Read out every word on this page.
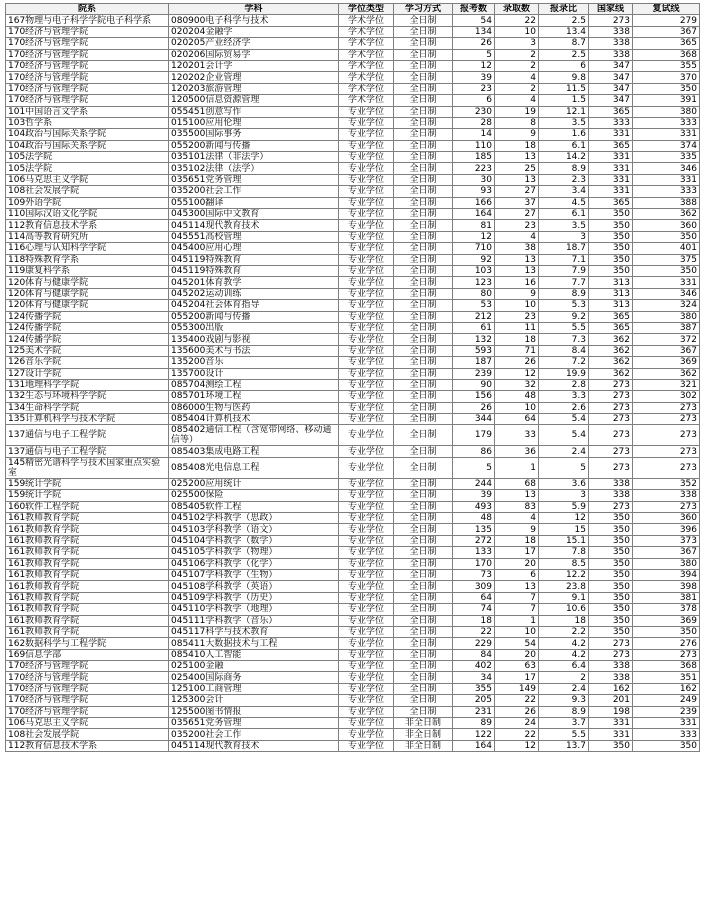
院系	学科	学位类型	学习方式	报考数	录取数	报录比	国家线	复试线
167物理与电子科学学院电子科学系	080900电子科学与技术	学术学位	全日制	54	22	2.5	273	279
170经济与管理学院	020204金融学	学术学位	全日制	134	10	13.4	338	367
170经济与管理学院	020205产业经济学	学术学位	全日制	26	3	8.7	338	365
170经济与管理学院	020206国际贸易学	学术学位	全日制	5	2	2.5	338	368
170经济与管理学院	120201会计学	学术学位	全日制	12	2	6	347	355
170经济与管理学院	120202企业管理	学术学位	全日制	39	4	9.8	347	370
170经济与管理学院	120203旅游管理	学术学位	全日制	23	2	11.5	347	350
170经济与管理学院	120500信息资源管理	学术学位	全日制	6	4	1.5	347	391
101中国语言文学系	055451创意写作	专业学位	全日制	230	19	12.1	365	380
103哲学系	015100应用伦理	专业学位	全日制	28	8	3.5	333	333
104政治与国际关系学院	035500国际事务	专业学位	全日制	14	9	1.6	331	331
104政治与国际关系学院	055200新闻与传播	专业学位	全日制	110	18	6.1	365	374
105法学院	035101法律（非法学）	专业学位	全日制	185	13	14.2	331	335
105法学院	035102法律（法学）	专业学位	全日制	223	25	8.9	331	346
106马克思主义学院	035651党务管理	专业学位	全日制	30	13	2.3	331	331
108社会发展学院	035200社会工作	专业学位	全日制	93	27	3.4	331	333
109外语学院	055100翻译	专业学位	全日制	166	37	4.5	365	388
110国际汉语文化学院	045300国际中文教育	专业学位	全日制	164	27	6.1	350	362
112教育信息技术学系	045114现代教育技术	专业学位	全日制	81	23	3.5	350	360
114高等教育研究所	045551高校管理	专业学位	全日制	12	4	3	350	350
116心理与认知科学学院	045400应用心理	专业学位	全日制	710	38	18.7	350	401
118特殊教育学系	045119特殊教育	专业学位	全日制	92	13	7.1	350	375
119康复科学系	045119特殊教育	专业学位	全日制	103	13	7.9	350	350
120体育与健康学院	045201体育教学	专业学位	全日制	123	16	7.7	313	331
120体育与健康学院	045202运动训练	专业学位	全日制	80	9	8.9	313	346
120体育与健康学院	045204社会体育指导	专业学位	全日制	53	10	5.3	313	324
124传播学院	055200新闻与传播	专业学位	全日制	212	23	9.2	365	380
124传播学院	055300出版	专业学位	全日制	61	11	5.5	365	387
124传播学院	135400戏剧与影视	专业学位	全日制	132	18	7.3	362	372
125美术学院	135600美术与书法	专业学位	全日制	593	71	8.4	362	367
126音乐学院	135200音乐	专业学位	全日制	187	26	7.2	362	369
127设计学院	135700设计	专业学位	全日制	239	12	19.9	362	362
131地理科学学院	085704测绘工程	专业学位	全日制	90	32	2.8	273	321
132生态与环境科学学院	085701环境工程	专业学位	全日制	156	48	3.3	273	302
134生命科学学院	086000生物与医药	专业学位	全日制	26	10	2.6	273	273
135计算机科学与技术学院	085404计算机技术	专业学位	全日制	344	64	5.4	273	273
137通信与电子工程学院	085402通信工程（含宽带网络、移动通信等）	专业学位	全日制	179	33	5.4	273	273
137通信与电子工程学院	085403集成电路工程	专业学位	全日制	86	36	2.4	273	273
145精密光谱科学与技术国家重点实验室	085408光电信息工程	专业学位	全日制	5	1	5	273	273
159统计学院	025200应用统计	专业学位	全日制	244	68	3.6	338	352
159统计学院	025500保险	专业学位	全日制	39	13	3	338	338
160软件工程学院	085405软件工程	专业学位	全日制	493	83	5.9	273	273
161教师教育学院	045102学科教学（思政）	专业学位	全日制	48	4	12	350	360
161教师教育学院	045103学科教学（语文）	专业学位	全日制	135	9	15	350	396
161教师教育学院	045104学科教学（数学）	专业学位	全日制	272	18	15.1	350	373
161教师教育学院	045105学科教学（物理）	专业学位	全日制	133	17	7.8	350	367
161教师教育学院	045106学科教学（化学）	专业学位	全日制	170	20	8.5	350	380
161教师教育学院	045107学科教学（生物）	专业学位	全日制	73	6	12.2	350	394
161教师教育学院	045108学科教学（英语）	专业学位	全日制	309	13	23.8	350	398
161教师教育学院	045109学科教学（历史）	专业学位	全日制	64	7	9.1	350	381
161教师教育学院	045110学科教学（地理）	专业学位	全日制	74	7	10.6	350	378
161教师教育学院	045111学科教学（音乐）	专业学位	全日制	18	1	18	350	369
161教师教育学院	045117科学与技术教育	专业学位	全日制	22	10	2.2	350	350
162数据科学与工程学院	085411大数据技术与工程	专业学位	全日制	229	54	4.2	273	276
169信息学部	085410人工智能	专业学位	全日制	84	20	4.2	273	273
170经济与管理学院	025100金融	专业学位	全日制	402	63	6.4	338	368
170经济与管理学院	025400国际商务	专业学位	全日制	34	17	2	338	351
170经济与管理学院	125100工商管理	专业学位	全日制	355	149	2.4	162	162
170经济与管理学院	125300会计	专业学位	全日制	205	22	9.3	201	249
170经济与管理学院	125500图书情报	专业学位	全日制	231	26	8.9	198	239
106马克思主义学院	035651党务管理	专业学位	非全日制	89	24	3.7	331	331
108社会发展学院	035200社会工作	专业学位	非全日制	122	22	5.5	331	333
112教育信息技术学系	045114现代教育技术	专业学位	非全日制	164	12	13.7	350	350
